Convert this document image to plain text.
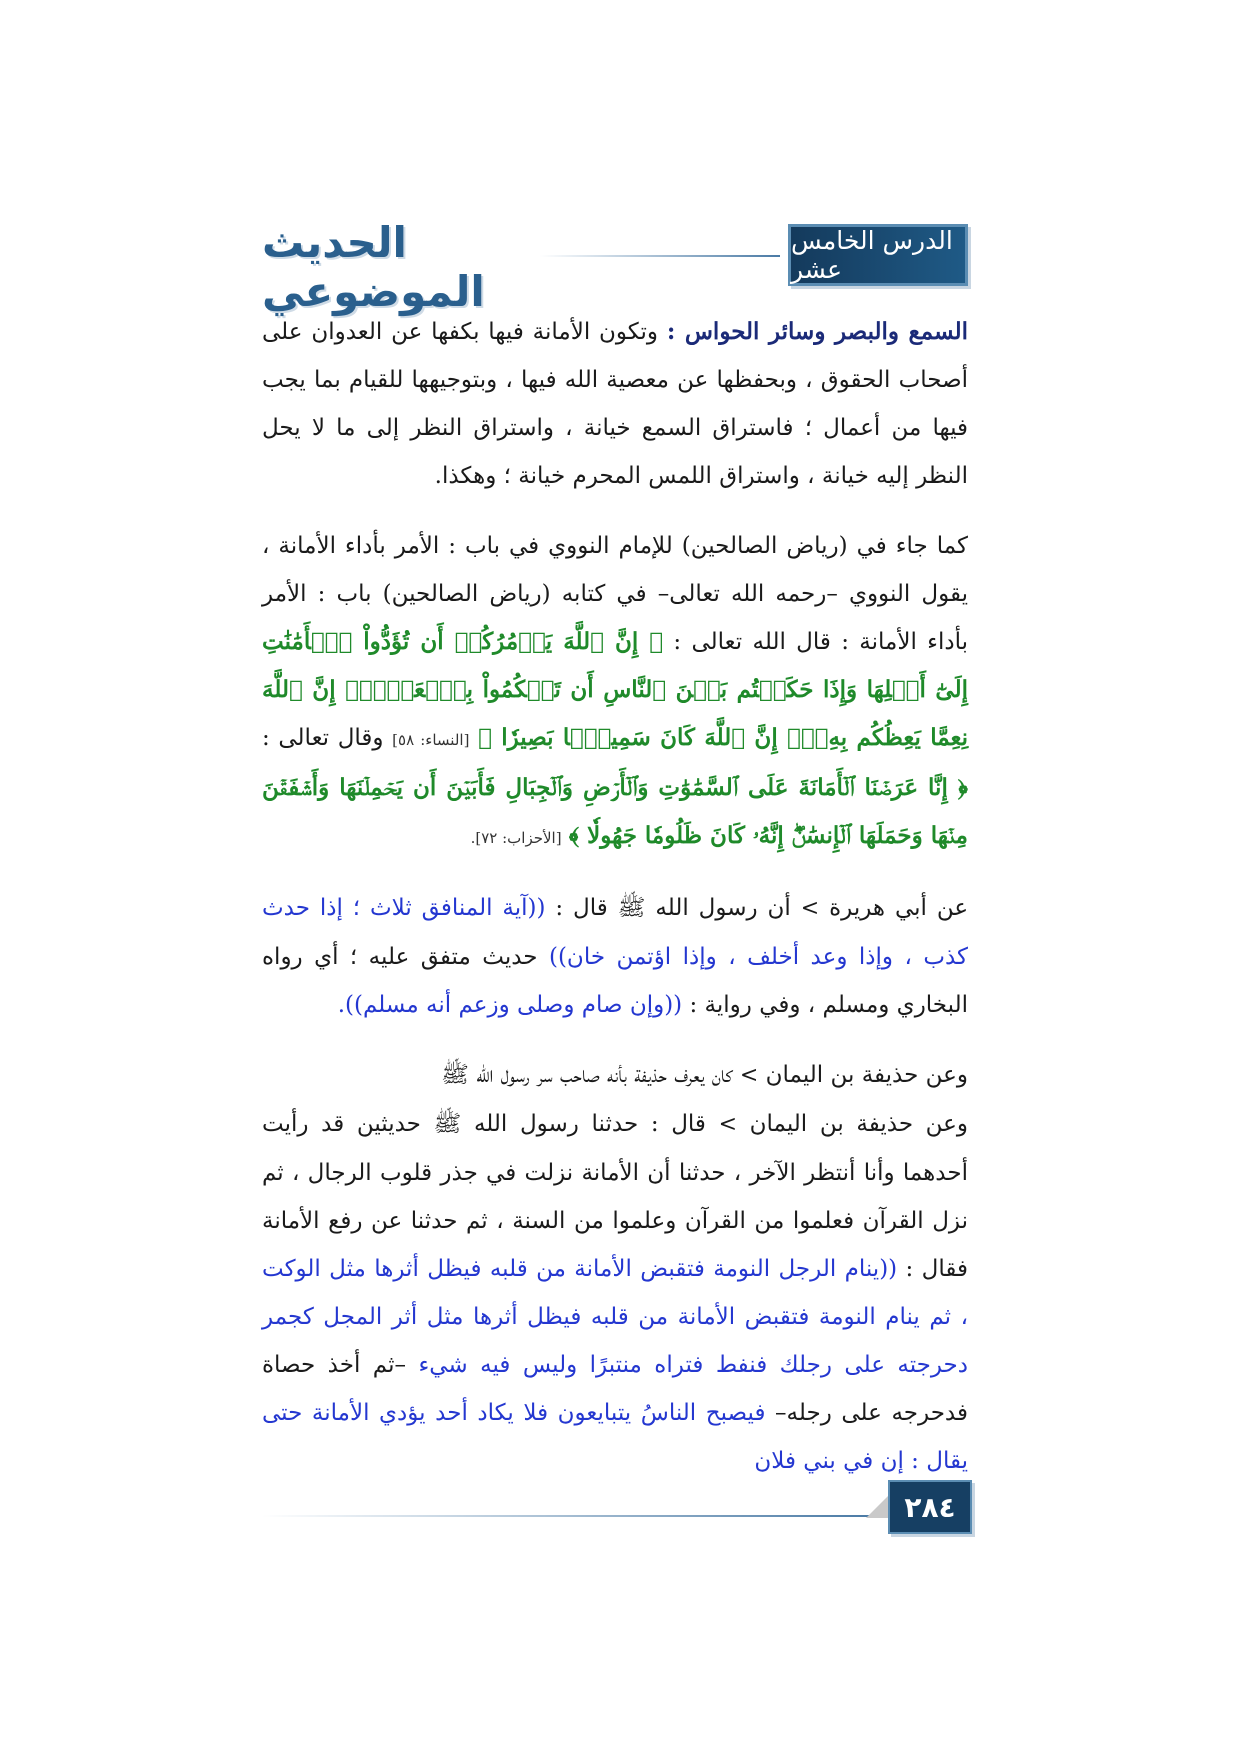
الحديث الموضوعي
الدرس الخامس عشر

السمع والبصر وسائر الحواس : وتكون الأمانة فيها بكفها عن العدوان على أصحاب الحقوق ، وبحفظها عن معصية الله فيها ، وبتوجيهها للقيام بما يجب فيها من أعمال ؛ فاستراق السمع خيانة ، واستراق النظر إلى ما لا يحل النظر إليه خيانة ، واستراق اللمس المحرم خيانة ؛ وهكذا.

كما جاء في (رياض الصالحين) للإمام النووي في باب : الأمر بأداء الأمانة ، يقول النووي –رحمه الله تعالى– في كتابه (رياض الصالحين) باب : الأمر بأداء الأمانة : قال الله تعالى : ﴿ إِنَّ ٱللَّهَ يَأۡمُرُكُمۡ أَن تُؤَدُّواْ ٱلۡأَمَٰنَٰتِ إِلَىٰٓ أَهۡلِهَا وَإِذَا حَكَمۡتُم بَيۡنَ ٱلنَّاسِ أَن تَحۡكُمُواْ بِٱلۡعَدۡلِۚ إِنَّ ٱللَّهَ نِعِمَّا يَعِظُكُم بِهِۦٓۗ إِنَّ ٱللَّهَ كَانَ سَمِيعَۢا بَصِيرٗا ﴾ [النساء: ٥٨] وقال تعالى : ﴿ إِنَّا عَرَضۡنَا ٱلۡأَمَانَةَ عَلَى ٱلسَّمَٰوَٰتِ وَٱلۡأَرۡضِ وَٱلۡجِبَالِ فَأَبَيۡنَ أَن يَحۡمِلۡنَهَا وَأَشۡفَقۡنَ مِنۡهَا وَحَمَلَهَا ٱلۡإِنسَٰنُۖ إِنَّهُۥ كَانَ ظَلُومٗا جَهُولٗا ﴾ [الأحزاب: ٧٢].

عن أبي هريرة > أن رسول الله ﷺ قال : ((آية المنافق ثلاث ؛ إذا حدث كذب ، وإذا وعد أخلف ، وإذا اؤتمن خان)) حديث متفق عليه ؛ أي رواه البخاري ومسلم ، وفي رواية : ((وإن صام وصلى وزعم أنه مسلم)).

وعن حذيفة بن اليمان > كان يعرف حذيفة بأنه صاحب سر رسول الله ﷺ
وعن حذيفة بن اليمان > قال : حدثنا رسول الله ﷺ حديثين قد رأيت أحدهما وأنا أنتظر الآخر ، حدثنا أن الأمانة نزلت في جذر قلوب الرجال ، ثم نزل القرآن فعلموا من القرآن وعلموا من السنة ، ثم حدثنا عن رفع الأمانة فقال : ((ينام الرجل النومة فتقبض الأمانة من قلبه فيظل أثرها مثل الوكت ، ثم ينام النومة فتقبض الأمانة من قلبه فيظل أثرها مثل أثر المجل كجمر دحرجته على رجلك فنفط فتراه منتبرًا وليس فيه شيء –ثم أخذ حصاة فدحرجه على رجله– فيصبح الناسُ يتبايعون فلا يكاد أحد يؤدي الأمانة حتى يقال : إن في بني فلان

٢٨٤
